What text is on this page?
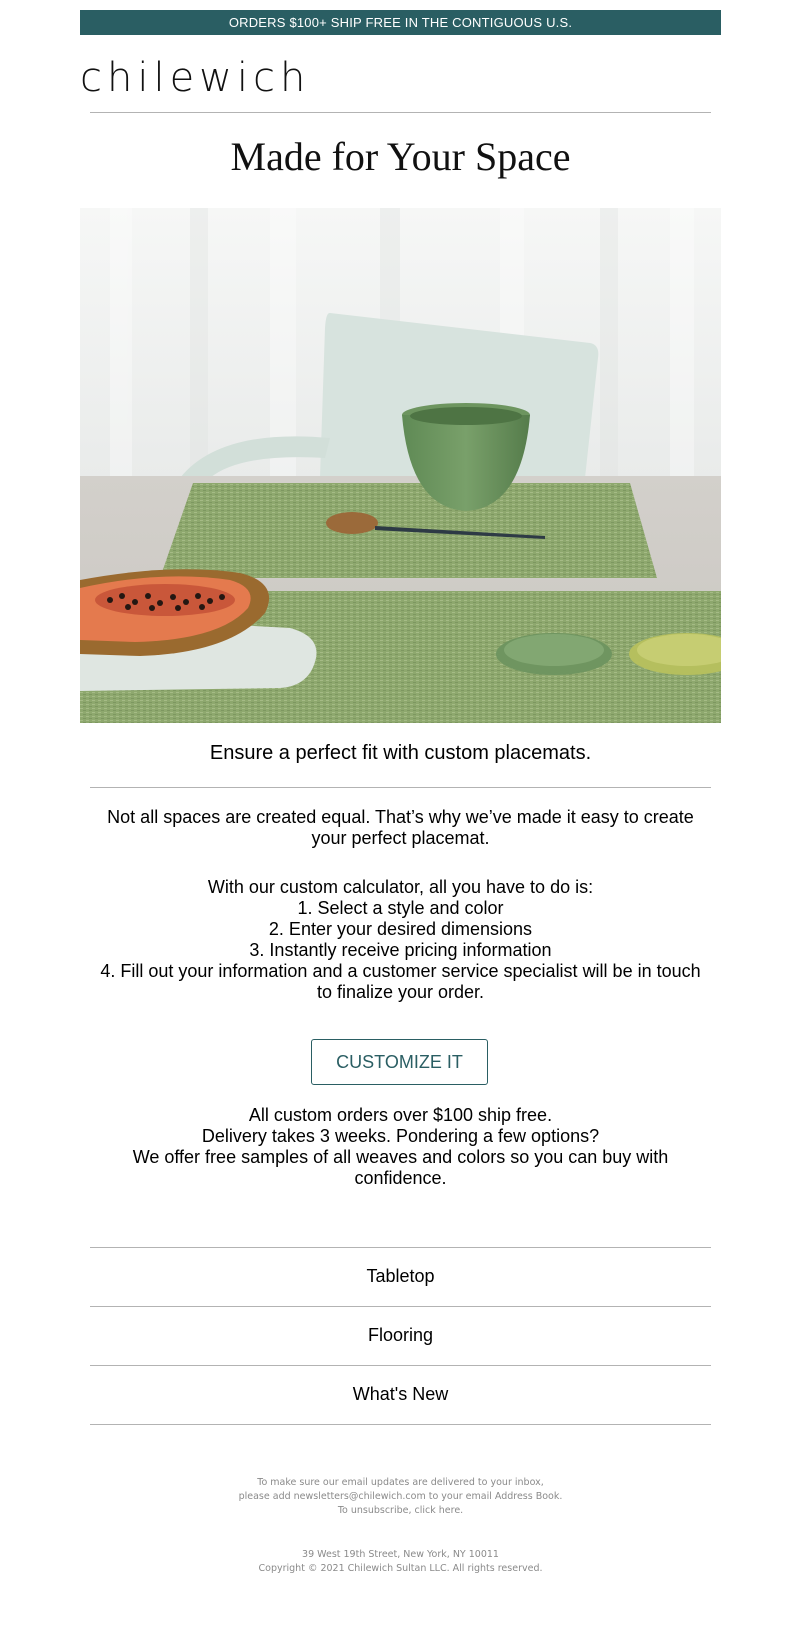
ORDERS $100+ SHIP FREE IN THE CONTIGUOUS U.S.
chilewich
Made for Your Space
Ensure a perfect fit with custom placemats.
Not all spaces are created equal. That’s why we’ve made it easy to create
your perfect placemat.
With our custom calculator, all you have to do is:
1. Select a style and color
2. Enter your desired dimensions
3. Instantly receive pricing information
4. Fill out your information and a customer service specialist will be in touch
to finalize your order.
CUSTOMIZE IT
All custom orders over $100 ship free.
Delivery takes 3 weeks. Pondering a few options?
We offer free samples of all weaves and colors so you can buy with
confidence.
Tabletop
Flooring
What's New
To make sure our email updates are delivered to your inbox,
please add newsletters@chilewich.com to your email Address Book.
To unsubscribe, click here.
39 West 19th Street, New York, NY 10011
Copyright © 2021 Chilewich Sultan LLC. All rights reserved.
